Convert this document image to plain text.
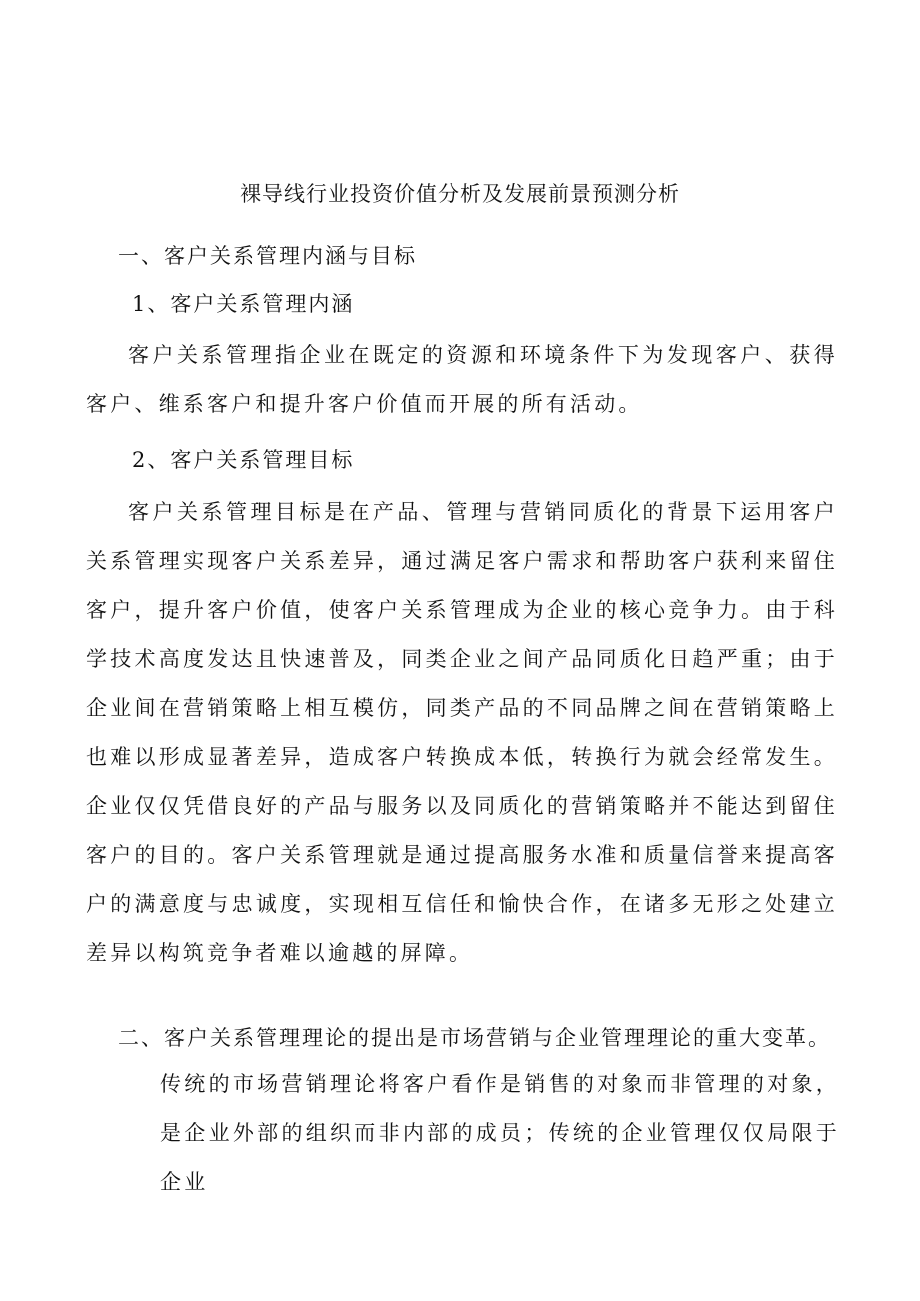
裸导线行业投资价值分析及发展前景预测分析
一、客户关系管理内涵与目标
1、客户关系管理内涵

客户关系管理指企业在既定的资源和环境条件下为发现客户、获得客户、维系客户和提升客户价值而开展的所有活动。

2、客户关系管理目标

客户关系管理目标是在产品、管理与营销同质化的背景下运用客户关系管理实现客户关系差异，通过满足客户需求和帮助客户获利来留住客户，提升客户价值，使客户关系管理成为企业的核心竞争力。由于科学技术高度发达且快速普及，同类企业之间产品同质化日趋严重；由于企业间在营销策略上相互模仿，同类产品的不同品牌之间在营销策略上也难以形成显著差异，造成客户转换成本低，转换行为就会经常发生。企业仅仅凭借良好的产品与服务以及同质化的营销策略并不能达到留住客户的目的。客户关系管理就是通过提高服务水准和质量信誉来提高客户的满意度与忠诚度，实现相互信任和愉快合作，在诸多无形之处建立差异以构筑竞争者难以逾越的屏障。

二、客户关系管理理论的提出是市场营销与企业管理理论的重大变革。

传统的市场营销理论将客户看作是销售的对象而非管理的对象，是企业外部的组织而非内部的成员；传统的企业管理仅仅局限于企业
